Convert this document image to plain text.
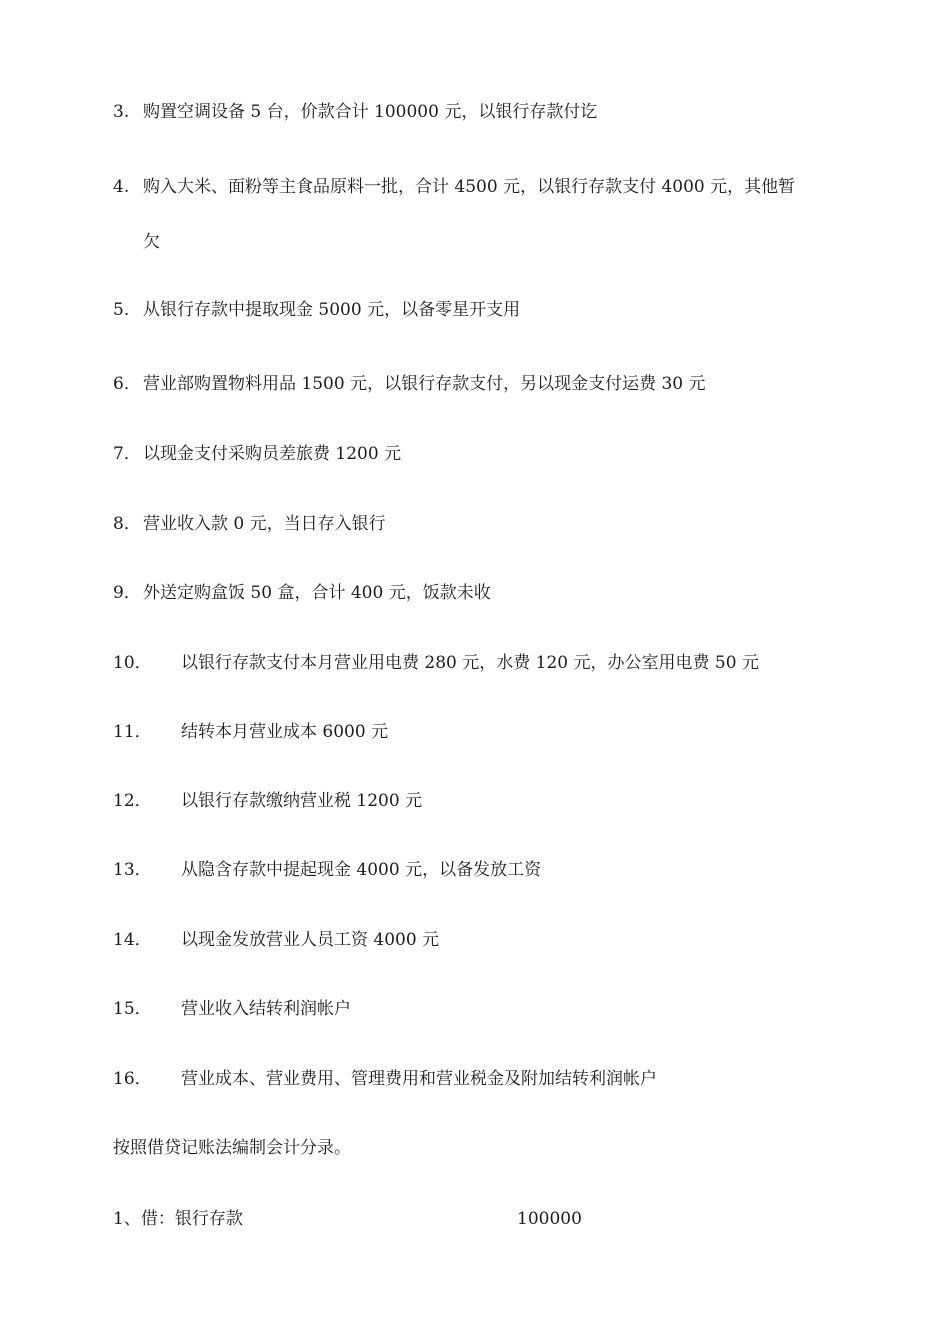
3. 购置空调设备 5 台，价款合计 100000 元，以银行存款付讫
4. 购入大米、面粉等主食品原料一批，合计 4500 元，以银行存款支付 4000 元，其他暂
欠
5. 从银行存款中提取现金 5000 元，以备零星开支用
6． 营业部购置物料用品 1500 元，以银行存款支付，另以现金支付运费 30 元
7． 以现金支付采购员差旅费 1200 元
8． 营业收入款 0 元，当日存入银行
9． 外送定购盒饭 50 盒，合计 400 元，饭款未收
10． 以银行存款支付本月营业用电费 280 元，水费 120 元，办公室用电费 50 元
11． 结转本月营业成本 6000 元
12． 以银行存款缴纳营业税 1200 元
13． 从隐含存款中提起现金 4000 元，以备发放工资
14． 以现金发放营业人员工资 4000 元
15． 营业收入结转利润帐户
16． 营业成本、营业费用、管理费用和营业税金及附加结转利润帐户
按照借贷记账法编制会计分录。
1、借：银行存款	100000
